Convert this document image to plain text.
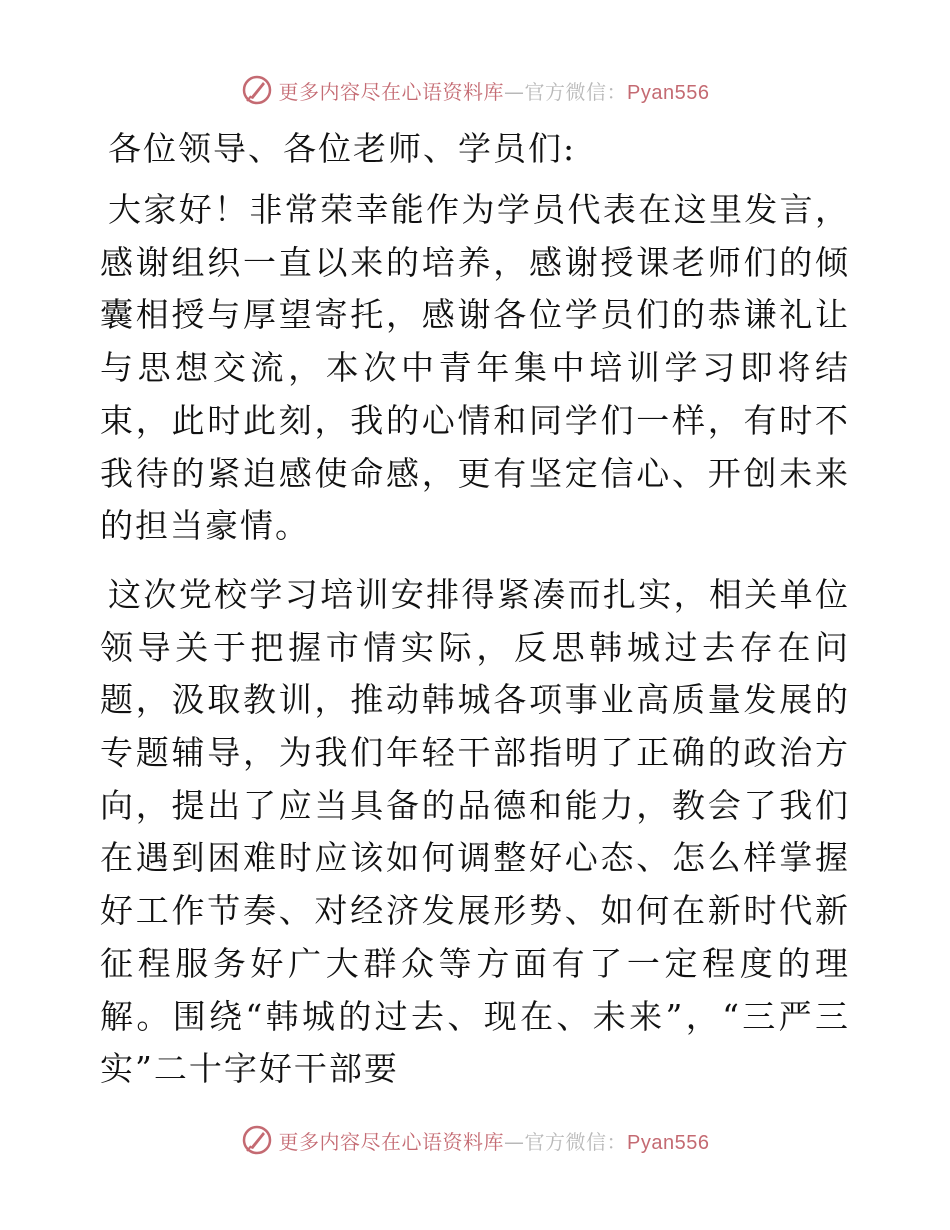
更多内容尽在心语资料库—官方微信：Pyan556
各位领导、各位老师、学员们:

大家好！非常荣幸能作为学员代表在这里发言，感谢组织一直以来的培养，感谢授课老师们的倾囊相授与厚望寄托，感谢各位学员们的恭谦礼让与思想交流，本次中青年集中培训学习即将结束，此时此刻，我的心情和同学们一样，有时不我待的紧迫感使命感，更有坚定信心、开创未来的担当豪情。

这次党校学习培训安排得紧凑而扎实，相关单位领导关于把握市情实际，反思韩城过去存在问题，汲取教训，推动韩城各项事业高质量发展的专题辅导，为我们年轻干部指明了正确的政治方向，提出了应当具备的品德和能力，教会了我们在遇到困难时应该如何调整好心态、怎么样掌握好工作节奏、对经济发展形势、如何在新时代新征程服务好广大群众等方面有了一定程度的理解。围绕“韩城的过去、现在、未来”，“三严三实”二十字好干部要

更多内容尽在心语资料库—官方微信：Pyan556
